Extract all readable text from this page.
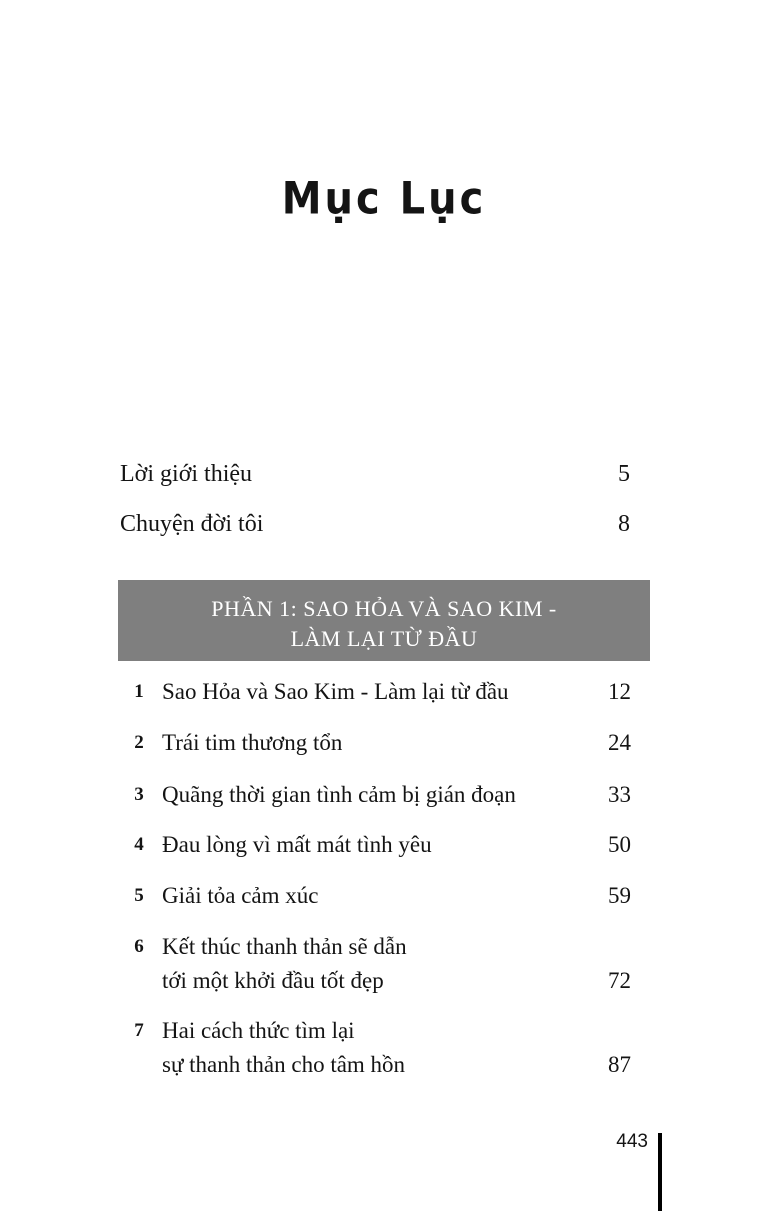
Mục Lục
Lời giới thiệu	5
Chuyện đời tôi	8
PHẦN 1: SAO HỎA VÀ SAO KIM -
LÀM LẠI TỪ ĐẦU
1 Sao Hỏa và Sao Kim - Làm lại từ đầu	12
2 Trái tim thương tổn	24
3 Quãng thời gian tình cảm bị gián đoạn	33
4 Đau lòng vì mất mát tình yêu	50
5 Giải tỏa cảm xúc	59
6 Kết thúc thanh thản sẽ dẫn
tới một khởi đầu tốt đẹp	72
7 Hai cách thức tìm lại
sự thanh thản cho tâm hồn	87
443
